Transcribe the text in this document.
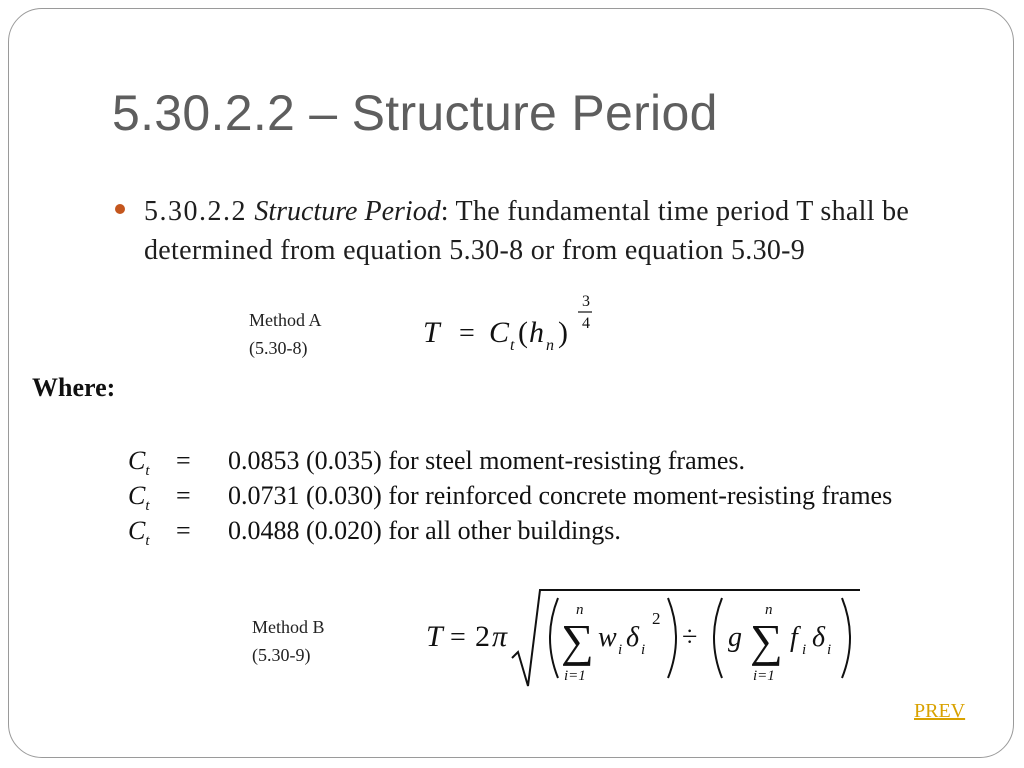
5.30.2.2 – Structure Period
5.30.2.2 Structure Period: The fundamental time period T shall be determined from equation 5.30-8 or from equation 5.30-9
Method A
(5.30-8)	T = C t ( h n )
3
4
Where:
$C_t = 0.0853$ (0.035) for steel moment-resisting frames.
$C_t = 0.0731$ (0.030) for reinforced concrete moment-resisting frames
$C_t = 0.0488$ (0.020) for all other buildings.
Method B
(5.30-9)
T = 2 π
n
∑
i=1
w i δ i
2
÷ g
n
∑
i=1
f i δ i
PREV
